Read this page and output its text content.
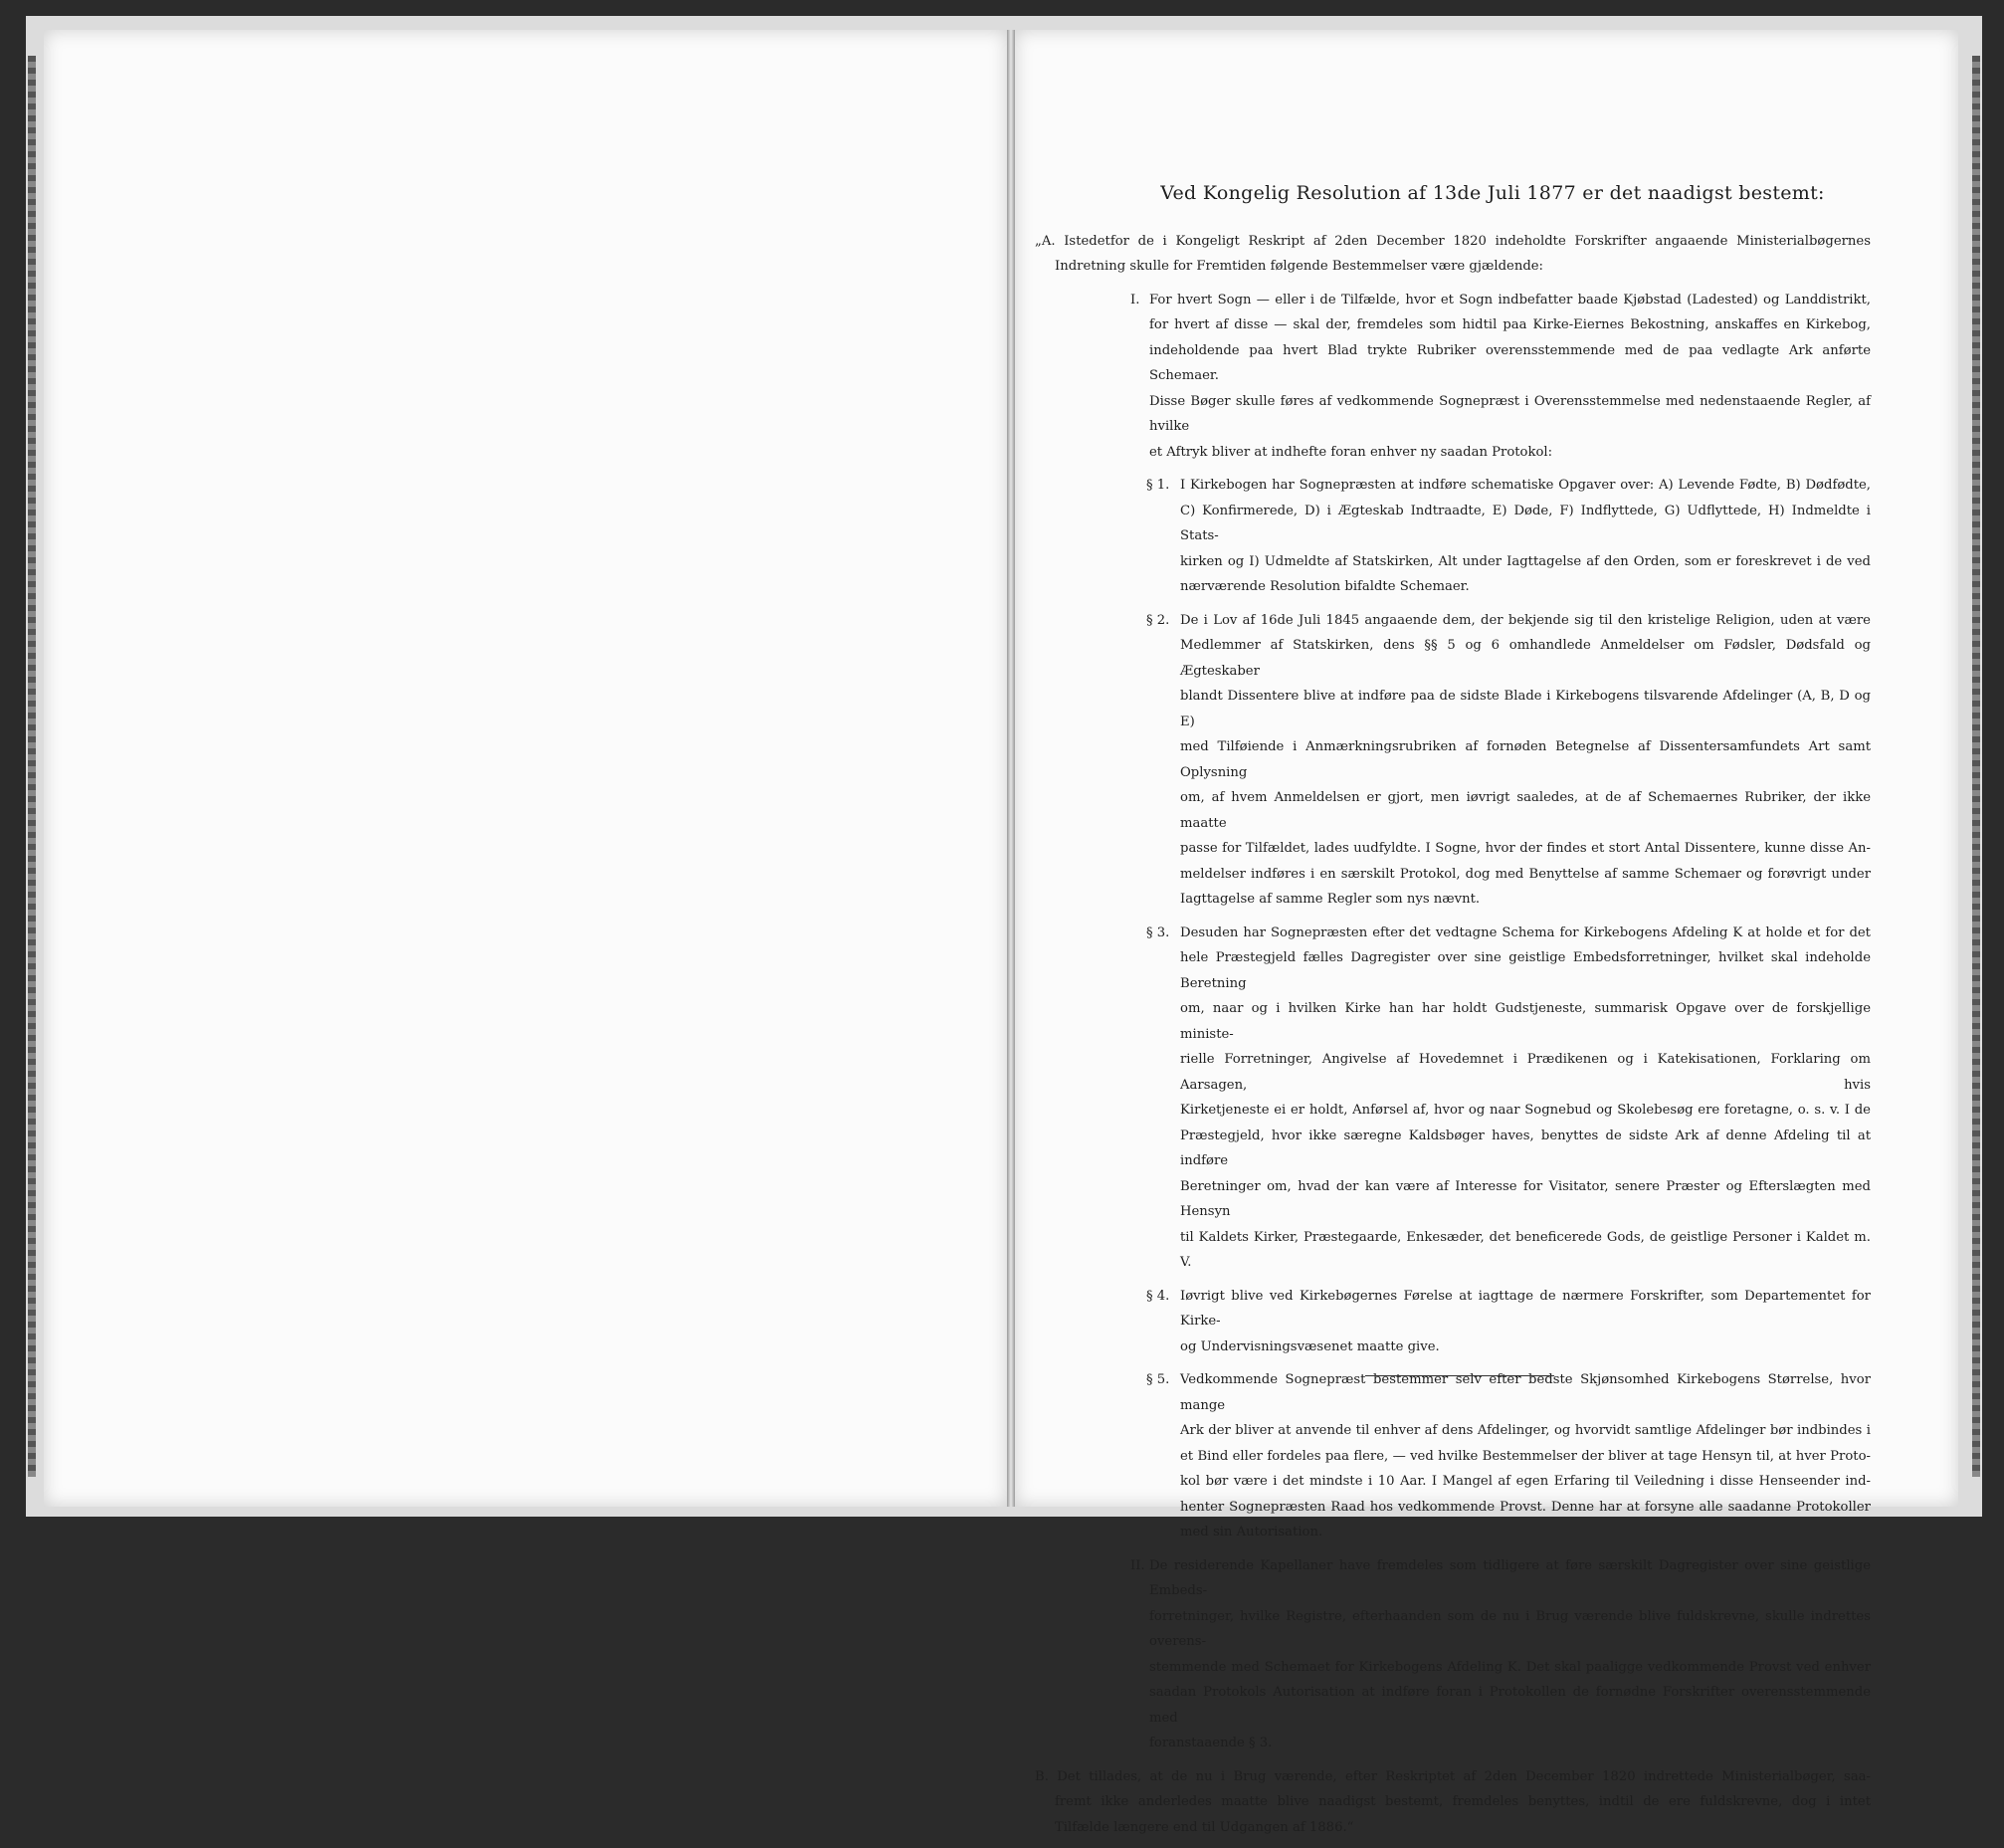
Ved Kongelig Resolution af 13de Juli 1877 er det naadigst bestemt:
„A. Istedetfor de i Kongeligt Reskript af 2den December 1820 indeholdte Forskrifter angaaende Ministerialbøgernes
Indretning skulle for Fremtiden følgende Bestemmelser være gjældende:
I. For hvert Sogn — eller i de Tilfælde, hvor et Sogn indbefatter baade Kjøbstad (Ladested) og Landdistrikt,
for hvert af disse — skal der, fremdeles som hidtil paa Kirke-Eiernes Bekostning, anskaffes en Kirkebog,
indeholdende paa hvert Blad trykte Rubriker overensstemmende med de paa vedlagte Ark anførte Schemaer.
Disse Bøger skulle føres af vedkommende Sognepræst i Overensstemmelse med nedenstaaende Regler, af hvilke
et Aftryk bliver at indhefte foran enhver ny saadan Protokol:
§ 1. I Kirkebogen har Sognepræsten at indføre schematiske Opgaver over: A) Levende Fødte, B) Dødfødte,
C) Konfirmerede, D) i Ægteskab Indtraadte, E) Døde, F) Indflyttede, G) Udflyttede, H) Indmeldte i Stats-
kirken og I) Udmeldte af Statskirken, Alt under Iagttagelse af den Orden, som er foreskrevet i de ved
nærværende Resolution bifaldte Schemaer.
§ 2. De i Lov af 16de Juli 1845 angaaende dem, der bekjende sig til den kristelige Religion, uden at være
Medlemmer af Statskirken, dens §§ 5 og 6 omhandlede Anmeldelser om Fødsler, Dødsfald og Ægteskaber
blandt Dissentere blive at indføre paa de sidste Blade i Kirkebogens tilsvarende Afdelinger (A, B, D og E)
med Tilføiende i Anmærkningsrubriken af fornøden Betegnelse af Dissentersamfundets Art samt Oplysning
om, af hvem Anmeldelsen er gjort, men iøvrigt saaledes, at de af Schemaernes Rubriker, der ikke maatte
passe for Tilfældet, lades uudfyldte. I Sogne, hvor der findes et stort Antal Dissentere, kunne disse An-
meldelser indføres i en særskilt Protokol, dog med Benyttelse af samme Schemaer og forøvrigt under
Iagttagelse af samme Regler som nys nævnt.
§ 3. Desuden har Sognepræsten efter det vedtagne Schema for Kirkebogens Afdeling K at holde et for det
hele Præstegjeld fælles Dagregister over sine geistlige Embedsforretninger, hvilket skal indeholde Beretning
om, naar og i hvilken Kirke han har holdt Gudstjeneste, summarisk Opgave over de forskjellige ministe-
rielle Forretninger, Angivelse af Hovedemnet i Prædikenen og i Katekisationen, Forklaring om Aarsagen, hvis
Kirketjeneste ei er holdt, Anførsel af, hvor og naar Sognebud og Skolebesøg ere foretagne, o. s. v. I de
Præstegjeld, hvor ikke særegne Kaldsbøger haves, benyttes de sidste Ark af denne Afdeling til at indføre
Beretninger om, hvad der kan være af Interesse for Visitator, senere Præster og Efterslægten med Hensyn
til Kaldets Kirker, Præstegaarde, Enkesæder, det beneficerede Gods, de geistlige Personer i Kaldet m. V.
§ 4. Iøvrigt blive ved Kirkebøgernes Førelse at iagttage de nærmere Forskrifter, som Departementet for Kirke-
og Undervisningsvæsenet maatte give.
§ 5. Vedkommende Sognepræst bestemmer selv efter bedste Skjønsomhed Kirkebogens Størrelse, hvor mange
Ark der bliver at anvende til enhver af dens Afdelinger, og hvorvidt samtlige Afdelinger bør indbindes i
et Bind eller fordeles paa flere, — ved hvilke Bestemmelser der bliver at tage Hensyn til, at hver Proto-
kol bør være i det mindste i 10 Aar. I Mangel af egen Erfaring til Veiledning i disse Henseender ind-
henter Sognepræsten Raad hos vedkommende Provst. Denne har at forsyne alle saadanne Protokoller
med sin Autorisation.
II. De residerende Kapellaner have fremdeles som tidligere at føre særskilt Dagregister over sine geistlige Embeds-
forretninger, hvilke Registre, efterhaanden som de nu i Brug værende blive fuldskrevne, skulle indrettes overens-
stemmende med Schemaet for Kirkebogens Afdeling K. Det skal paaligge vedkommende Provst ved enhver
saadan Protokols Autorisation at indføre foran i Protokollen de fornødne Forskrifter overensstemmende med
foranstaaende § 3.
B. Det tillades, at de nu i Brug værende, efter Reskriptet af 2den December 1820 indrettede Ministerialbøger, saa-
fremt ikke anderledes maatte blive naadigst bestemt, fremdeles benyttes, indtil de ere fuldskrevne, dog i intet
Tilfælde længere end til Udgangen af 1886.“
